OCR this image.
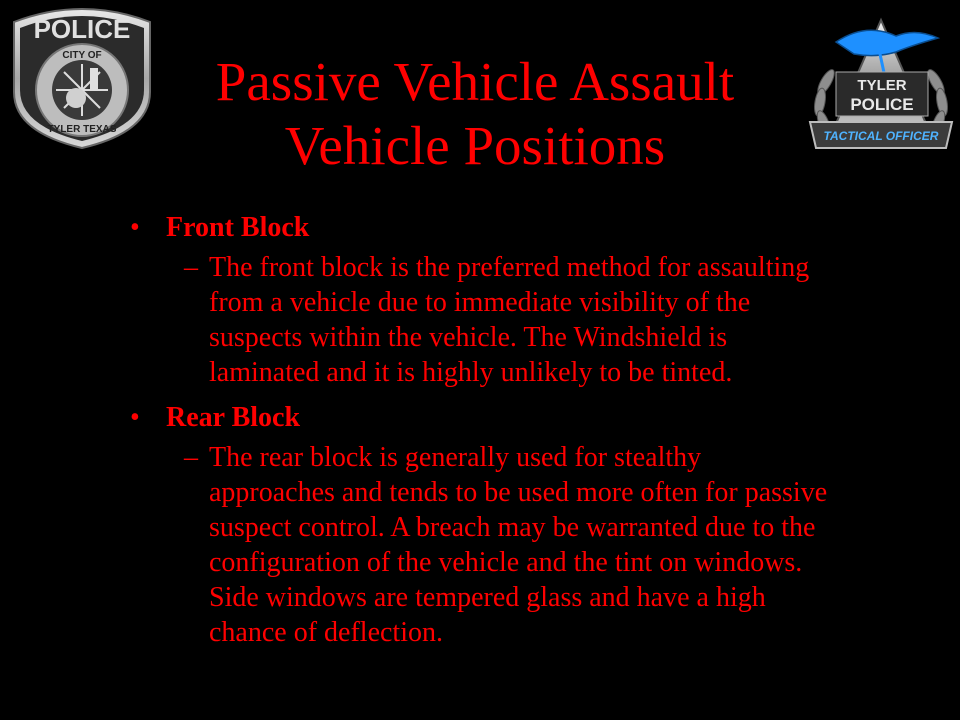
POLICE
CITY OF
TYLER TEXAS
TYLER
POLICE
TACTICAL OFFICER
Passive Vehicle Assault
Vehicle Positions
• Front Block
– The front block is the preferred method for assaulting from a vehicle due to immediate visibility of the suspects within the vehicle. The Windshield is laminated and it is highly unlikely to be tinted.
• Rear Block
– The rear block is generally used for stealthy approaches and tends to be used more often for passive suspect control. A breach may be warranted due to the configuration of the vehicle and the tint on windows. Side windows are tempered glass and have a high chance of deflection.
